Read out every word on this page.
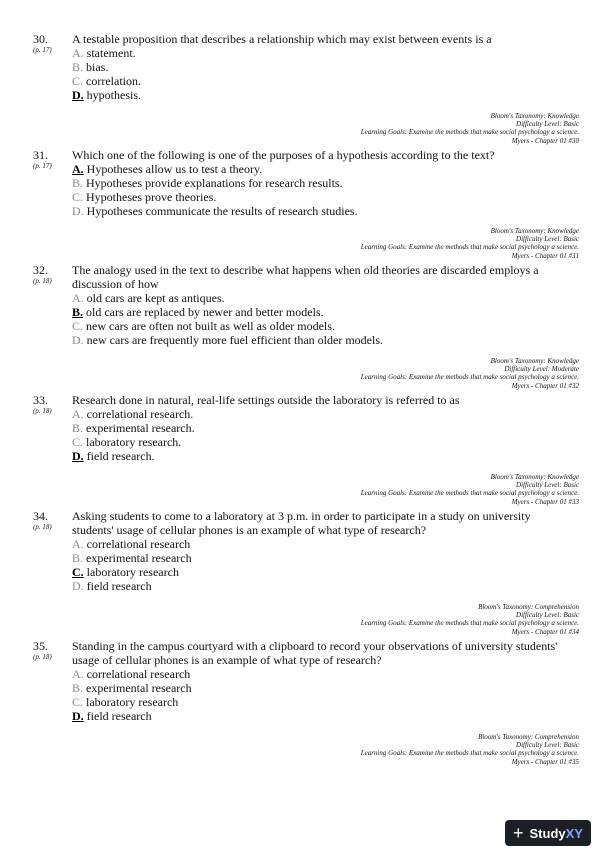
30.
(p. 17)

A testable proposition that describes a relationship which may exist between events is a

A. statement.
B. bias.
C. correlation.
D. hypothesis.
Bloom's Taxonomy: Knowledge
Difficulty Level: Basic
Learning Goals: Examine the methods that make social psychology a science.
Myers - Chapter 01 #30
31.
(p. 17)

Which one of the following is one of the purposes of a hypothesis according to the text?

A. Hypotheses allow us to test a theory.
B. Hypotheses provide explanations for research results.
C. Hypotheses prove theories.
D. Hypotheses communicate the results of research studies.
Bloom's Taxonomy: Knowledge
Difficulty Level: Basic
Learning Goals: Examine the methods that make social psychology a science.
Myers - Chapter 01 #31
32.
(p. 18)

The analogy used in the text to describe what happens when old theories are discarded employs a discussion of how

A. old cars are kept as antiques.
B. old cars are replaced by newer and better models.
C. new cars are often not built as well as older models.
D. new cars are frequently more fuel efficient than older models.
Bloom's Taxonomy: Knowledge
Difficulty Level: Moderate
Learning Goals: Examine the methods that make social psychology a science.
Myers - Chapter 01 #32
33.
(p. 18)

Research done in natural, real-life settings outside the laboratory is referred to as

A. correlational research.
B. experimental research.
C. laboratory research.
D. field research.
Bloom's Taxonomy: Knowledge
Difficulty Level: Basic
Learning Goals: Examine the methods that make social psychology a science.
Myers - Chapter 01 #33
34.
(p. 18)

Asking students to come to a laboratory at 3 p.m. in order to participate in a study on university students' usage of cellular phones is an example of what type of research?

A. correlational research
B. experimental research
C. laboratory research
D. field research
Bloom's Taxonomy: Comprehension
Difficulty Level: Basic
Learning Goals: Examine the methods that make social psychology a science.
Myers - Chapter 01 #34
35.
(p. 18)

Standing in the campus courtyard with a clipboard to record your observations of university students' usage of cellular phones is an example of what type of research?

A. correlational research
B. experimental research
C. laboratory research
D. field research
Bloom's Taxonomy: Comprehension
Difficulty Level: Basic
Learning Goals: Examine the methods that make social psychology a science.
Myers - Chapter 01 #35
+ Study XY
